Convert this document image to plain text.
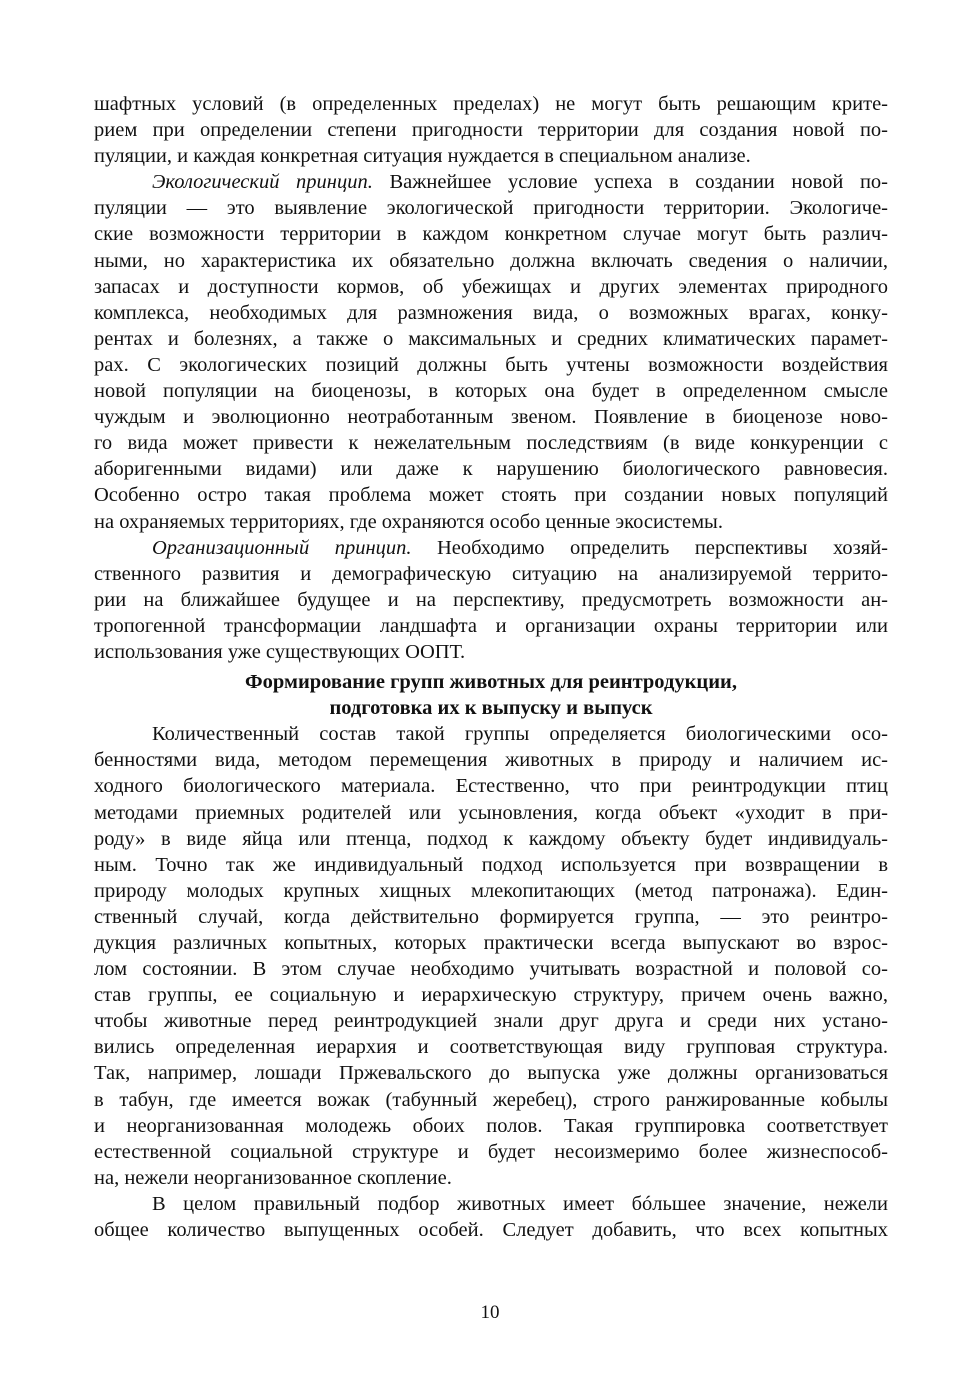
шафтных условий (в определенных пределах) не могут быть решающим крите-
рием при определении степени пригодности территории для создания новой по-
пуляции, и каждая конкретная ситуация нуждается в специальном анализе.
Экологический принцип. Важнейшее условие успеха в создании новой по-
пуляции — это выявление экологической пригодности территории. Экологиче-
ские возможности территории в каждом конкретном случае могут быть различ-
ными, но характеристика их обязательно должна включать сведения о наличии,
запасах и доступности кормов, об убежищах и других элементах природного
комплекса, необходимых для размножения вида, о возможных врагах, конку-
рентах и болезнях, а также о максимальных и средних климатических парамет-
рах. С экологических позиций должны быть учтены возможности воздействия
новой популяции на биоценозы, в которых она будет в определенном смысле
чуждым и эволюционно неотработанным звеном. Появление в биоценозе ново-
го вида может привести к нежелательным последствиям (в виде конкуренции с
аборигенными видами) или даже к нарушению биологического равновесия.
Особенно остро такая проблема может стоять при создании новых популяций
на охраняемых территориях, где охраняются особо ценные экосистемы.
Организационный принцип. Необходимо определить перспективы хозяй-
ственного развития и демографическую ситуацию на анализируемой террито-
рии на ближайшее будущее и на перспективу, предусмотреть возможности ан-
тропогенной трансформации ландшафта и организации охраны территории или
использования уже существующих ООПТ.
Формирование групп животных для реинтродукции,
подготовка их к выпуску и выпуск
Количественный состав такой группы определяется биологическими осо-
бенностями вида, методом перемещения животных в природу и наличием ис-
ходного биологического материала. Естественно, что при реинтродукции птиц
методами приемных родителей или усыновления, когда объект «уходит в при-
роду» в виде яйца или птенца, подход к каждому объекту будет индивидуаль-
ным. Точно так же индивидуальный подход используется при возвращении в
природу молодых крупных хищных млекопитающих (метод патронажа). Един-
ственный случай, когда действительно формируется группа, — это реинтро-
дукция различных копытных, которых практически всегда выпускают во взрос-
лом состоянии. В этом случае необходимо учитывать возрастной и половой со-
став группы, ее социальную и иерархическую структуру, причем очень важно,
чтобы животные перед реинтродукцией знали друг друга и среди них устано-
вились определенная иерархия и соответствующая виду групповая структура.
Так, например, лошади Пржевальского до выпуска уже должны организоваться
в табун, где имеется вожак (табунный жеребец), строго ранжированные кобылы
и неорганизованная молодежь обоих полов. Такая группировка соответствует
естественной социальной структуре и будет несоизмеримо более жизнеспособ-
на, нежели неорганизованное скопление.
В целом правильный подбор животных имеет бóльшее значение, нежели
общее количество выпущенных особей. Следует добавить, что всех копытных
10
